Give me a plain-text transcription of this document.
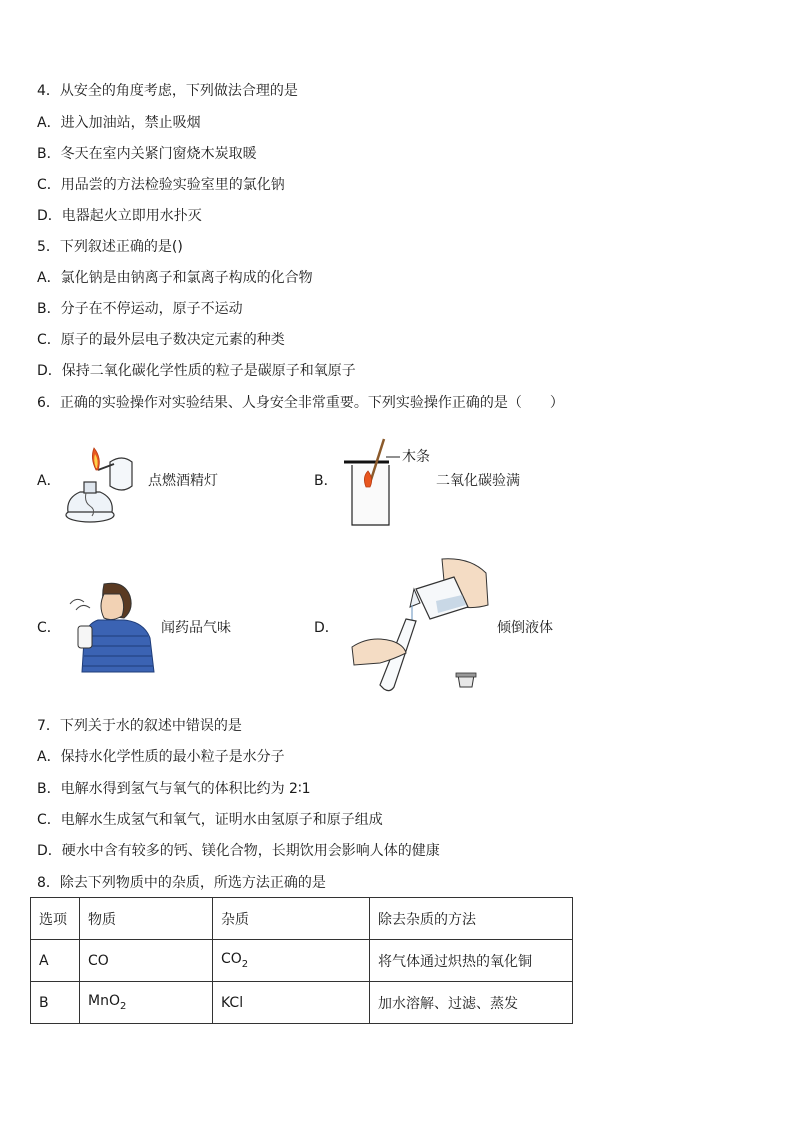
4．从安全的角度考虑，下列做法合理的是
A．进入加油站，禁止吸烟
B．冬天在室内关紧门窗烧木炭取暖
C．用品尝的方法检验实验室里的氯化钠
D．电器起火立即用水扑灭
5．下列叙述正确的是()
A．氯化钠是由钠离子和氯离子构成的化合物
B．分子在不停运动，原子不运动
C．原子的最外层电子数决定元素的种类
D．保持二氧化碳化学性质的粒子是碳原子和氧原子
6．正确的实验操作对实验结果、人身安全非常重要。下列实验操作正确的是（　　）
A．	点燃酒精灯	B．
木条
二氧化碳验满
C．	闻药品气味	D．	倾倒液体
7．下列关于水的叙述中错误的是
A．保持水化学性质的最小粒子是水分子
B．电解水得到氢气与氧气的体积比约为 2∶1
C．电解水生成氢气和氧气，证明水由氢原子和原子组成
D．硬水中含有较多的钙、镁化合物，长期饮用会影响人体的健康
8．除去下列物质中的杂质，所选方法正确的是
选项	物质	杂质	除去杂质的方法
A	CO	$CO_2$	将气体通过炽热的氧化铜
B	MnO$_2$	KCl	加水溶解、过滤、蒸发
